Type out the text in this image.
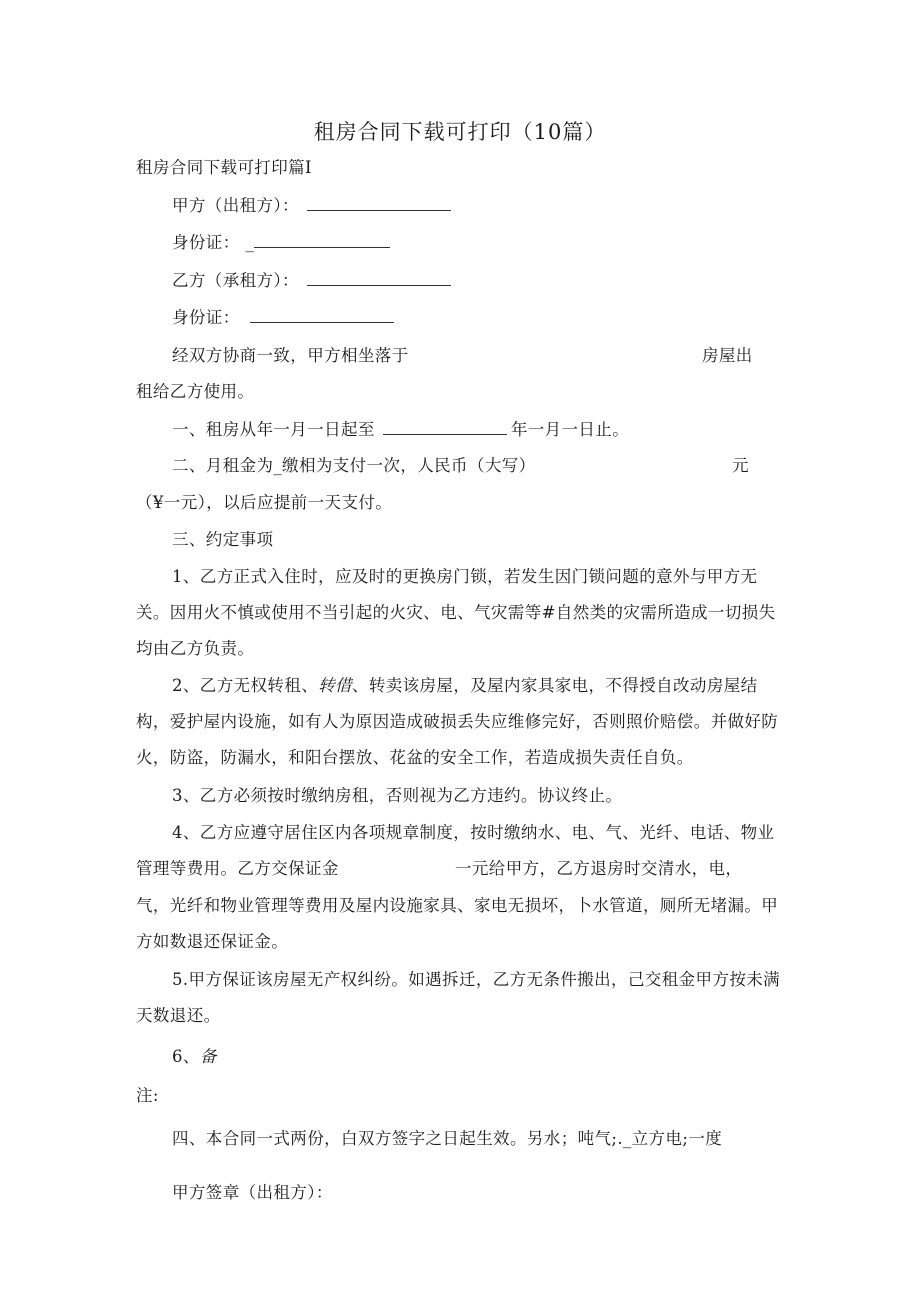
租房合同下载可打印（10篇）
租房合同下载可打印篇I
甲方（出租方）：
身份证： _
乙方（承租方）：
身份证：
经双方协商一致，甲方相坐落于	房屋出
租给乙方使用。
一、租房从年一月一日起至	年一月一日止。
二、月租金为_缴相为支付一次，人民币（大写）	元
（¥一元），以后应提前一天支付。
三、约定事项
1、乙方正式入住时，应及时的更换房门锁，若发生因门锁问题的意外与甲方无
关。因用火不慎或使用不当引起的火灾、电、气灾需等#自然类的灾需所造成一切损失
均由乙方负责。
2、乙方无权转租、转借、转卖该房屋，及屋内家具家电，不得授自改动房屋结
构，爱护屋内设施，如有人为原因造成破损丢失应维修完好，否则照价赔偿。并做好防
火，防盗，防漏水，和阳台摆放、花盆的安全工作，若造成损失责任自负。
3、乙方必须按时缴纳房租，否则视为乙方违约。协议终止。
4、乙方应遵守居住区内各项规章制度，按时缴纳水、电、气、光纤、电话、物业
管理等费用。乙方交保证金	一元给甲方，乙方退房时交清水，电，
气，光纤和物业管理等费用及屋内设施家具、家电无损坏，卜水管道，厕所无堵漏。甲
方如数退还保证金。
5.甲方保证该房屋无产权纠纷。如遇拆迁，乙方无条件搬出，己交租金甲方按未满
天数退还。
6、备
注:
四、本合同一式两份，白双方签字之日起生效。另水；吨气;._立方电;一度
甲方签章（出租方）：
